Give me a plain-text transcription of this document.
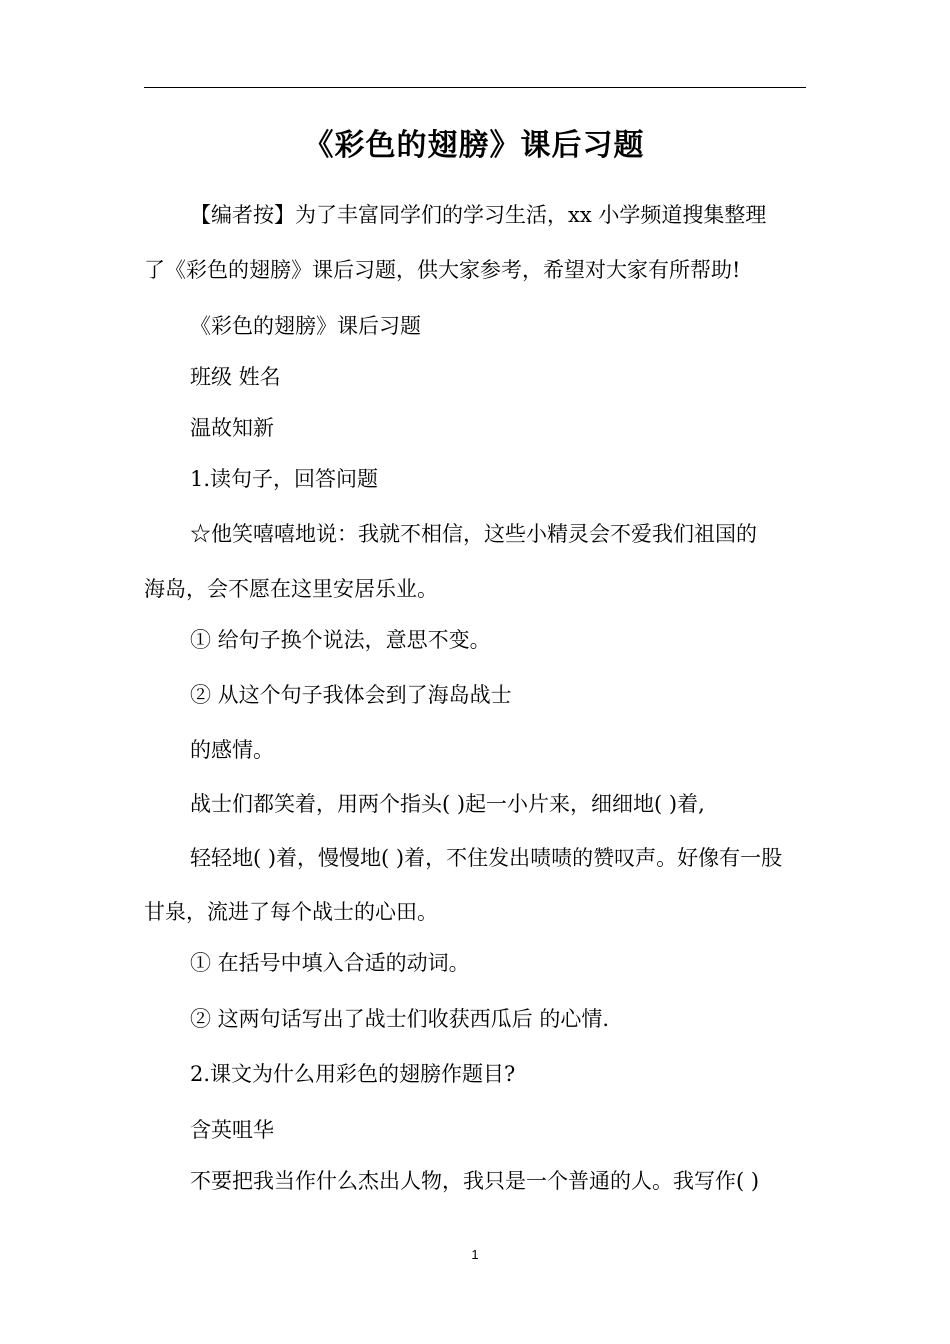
《彩色的翅膀》课后习题
【编者按】为了丰富同学们的学习生活，xx 小学频道搜集整理
了《彩色的翅膀》课后习题，供大家参考，希望对大家有所帮助!
《彩色的翅膀》课后习题
班级 姓名
温故知新
1.读句子，回答问题
☆他笑嘻嘻地说：我就不相信，这些小精灵会不爱我们祖国的
海岛，会不愿在这里安居乐业。
① 给句子换个说法，意思不变。
② 从这个句子我体会到了海岛战士
的感情。
战士们都笑着，用两个指头( )起一小片来，细细地( )着,
轻轻地( )着，慢慢地( )着，不住发出啧啧的赞叹声。好像有一股
甘泉，流进了每个战士的心田。
① 在括号中填入合适的动词。
② 这两句话写出了战士们收获西瓜后 的心情.
2.课文为什么用彩色的翅膀作题目?
含英咀华
不要把我当作什么杰出人物，我只是一个普通的人。我写作( )
1
